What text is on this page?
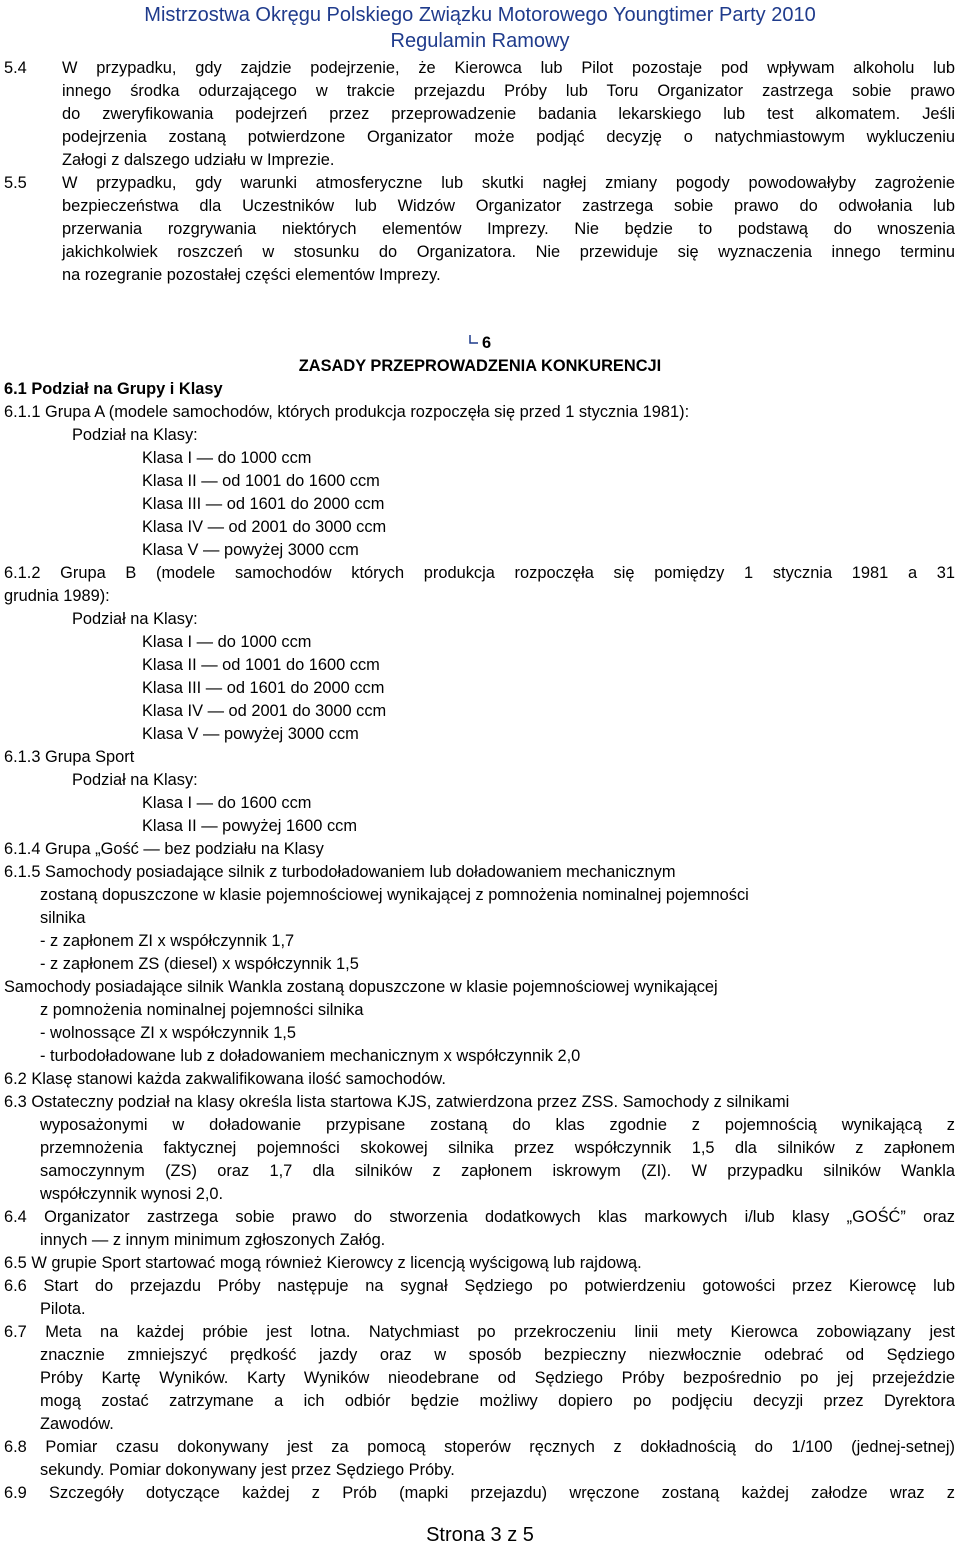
Mistrzostwa Okręgu Polskiego Związku Motorowego Youngtimer Party 2010
Regulamin Ramowy
5.4 W przypadku, gdy zajdzie podejrzenie, że Kierowca lub Pilot pozostaje pod wpływam alkoholu lub
innego środka odurzającego w trakcie przejazdu Próby lub Toru Organizator zastrzega sobie prawo
do zweryfikowania podejrzeń przez przeprowadzenie badania lekarskiego lub test alkomatem. Jeśli
podejrzenia zostaną potwierdzone Organizator może podjąć decyzję o natychmiastowym wykluczeniu
Załogi z dalszego udziału w Imprezie.
5.5 W przypadku, gdy warunki atmosferyczne lub skutki nagłej zmiany pogody powodowałyby zagrożenie
bezpieczeństwa dla Uczestników lub Widzów Organizator zastrzega sobie prawo do odwołania lub
przerwania rozgrywania niektórych elementów Imprezy. Nie będzie to podstawą do wnoszenia
jakichkolwiek roszczeń w stosunku do Organizatora. Nie przewiduje się wyznaczenia innego terminu
na rozegranie pozostałej części elementów Imprezy.
6
ZASADY PRZEPROWADZENIA KONKURENCJI
6.1 Podział na Grupy i Klasy
6.1.1 Grupa A (modele samochodów, których produkcja rozpoczęła się przed 1 stycznia 1981):
Podział na Klasy:
Klasa I — do 1000 ccm
Klasa II — od 1001 do 1600 ccm
Klasa III — od 1601 do 2000 ccm
Klasa IV — od 2001 do 3000 ccm
Klasa V — powyżej 3000 ccm
6.1.2 Grupa B (modele samochodów których produkcja rozpoczęła się pomiędzy 1 stycznia 1981 a 31
grudnia 1989):
Podział na Klasy:
Klasa I — do 1000 ccm
Klasa II — od 1001 do 1600 ccm
Klasa III — od 1601 do 2000 ccm
Klasa IV — od 2001 do 3000 ccm
Klasa V — powyżej 3000 ccm
6.1.3 Grupa Sport
Podział na Klasy:
Klasa I — do 1600 ccm
Klasa II — powyżej 1600 ccm
6.1.4 Grupa „Gość — bez podziału na Klasy
6.1.5 Samochody posiadające silnik z turbodoładowaniem lub doładowaniem mechanicznym
zostaną dopuszczone w klasie pojemnościowej wynikającej z pomnożenia nominalnej pojemności
silnika
- z zapłonem ZI x współczynnik 1,7
- z zapłonem ZS (diesel) x współczynnik 1,5
Samochody posiadające silnik Wankla zostaną dopuszczone w klasie pojemnościowej wynikającej
z pomnożenia nominalnej pojemności silnika
- wolnossące ZI x współczynnik 1,5
- turbodoładowane lub z doładowaniem mechanicznym x współczynnik 2,0
6.2 Klasę stanowi każda zakwalifikowana ilość samochodów.
6.3 Ostateczny podział na klasy określa lista startowa KJS, zatwierdzona przez ZSS. Samochody z silnikami
wyposażonymi w doładowanie przypisane zostaną do klas zgodnie z pojemnością wynikającą z
przemnożenia faktycznej pojemności skokowej silnika przez współczynnik 1,5 dla silników z zapłonem
samoczynnym (ZS) oraz 1,7 dla silników z zapłonem iskrowym (ZI). W przypadku silników Wankla
współczynnik wynosi 2,0.
6.4 Organizator zastrzega sobie prawo do stworzenia dodatkowych klas markowych i/lub klasy „GOŚĆ” oraz
innych — z innym minimum zgłoszonych Załóg.
6.5 W grupie Sport startować mogą również Kierowcy z licencją wyścigową lub rajdową.
6.6 Start do przejazdu Próby następuje na sygnał Sędziego po potwierdzeniu gotowości przez Kierowcę lub
Pilota.
6.7 Meta na każdej próbie jest lotna. Natychmiast po przekroczeniu linii mety Kierowca zobowiązany jest
znacznie zmniejszyć prędkość jazdy oraz w sposób bezpieczny niezwłocznie odebrać od Sędziego
Próby Kartę Wyników. Karty Wyników nieodebrane od Sędziego Próby bezpośrednio po jej przejeździe
mogą zostać zatrzymane a ich odbiór będzie możliwy dopiero po podjęciu decyzji przez Dyrektora
Zawodów.
6.8 Pomiar czasu dokonywany jest za pomocą stoperów ręcznych z dokładnością do 1/100 (jednej-setnej)
sekundy. Pomiar dokonywany jest przez Sędziego Próby.
6.9 Szczegóły dotyczące każdej z Prób (mapki przejazdu) wręczone zostaną każdej załodze wraz z
Strona 3 z 5
